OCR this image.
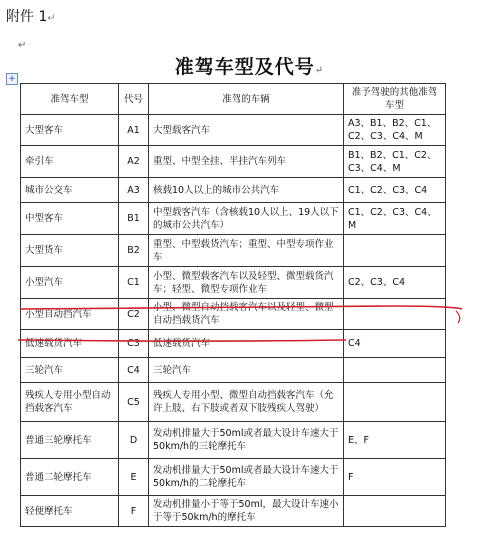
附件 1↵
↵
+
准驾车型及代号↵
准驾车型	代号	准驾的车辆	准予驾驶的其他准驾车型
大型客车	A1	大型载客汽车	A3、B1、B2、C1、C2、C3、C4、M
牵引车	A2	重型、中型全挂、半挂汽车列车	B1、B2、C1、C2、C3、C4、M
城市公交车	A3	核载10人以上的城市公共汽车	C1、C2、C3、C4
中型客车	B1	中型载客汽车（含核载10人以上、19人以下的城市公共汽车）	C1、C2、C3、C4、M
大型货车	B2	重型、中型载货汽车；重型、中型专项作业车	
小型汽车	C1	小型、微型载客汽车以及轻型、微型载货汽车；轻型、微型专项作业车	C2、C3、C4
小型自动挡汽车	C2	小型、微型自动挡载客汽车以及轻型、微型自动挡载货汽车	
低速载货汽车	C3	低速载货汽车	C4
三轮汽车	C4	三轮汽车	
残疾人专用小型自动挡载客汽车	C5	残疾人专用小型、微型自动挡载客汽车（允许上肢、右下肢或者双下肢残疾人驾驶）	
普通三轮摩托车	D	发动机排量大于50ml或者最大设计车速大于50km/h的三轮摩托车	E、F
普通二轮摩托车	E	发动机排量大于50ml或者最大设计车速大于50km/h的二轮摩托车	F
轻便摩托车	F	发动机排量小于等于50ml，最大设计车速小于等于50km/h的摩托车	
